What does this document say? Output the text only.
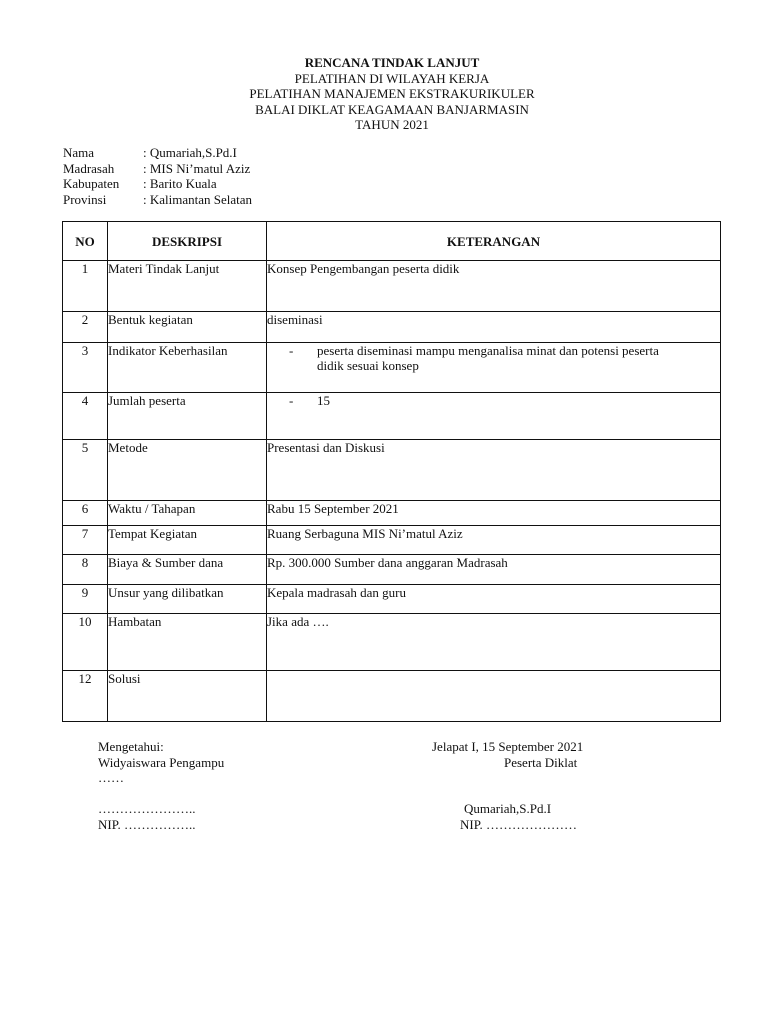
RENCANA TINDAK LANJUT
PELATIHAN DI WILAYAH KERJA
PELATIHAN MANAJEMEN EKSTRAKURIKULER
BALAI DIKLAT KEAGAMAAN BANJARMASIN
TAHUN 2021
Nama	: Qumariah,S.Pd.I
Madrasah	: MIS Ni’matul Aziz
Kabupaten	: Barito Kuala
Provinsi	: Kalimantan Selatan
NO	DESKRIPSI	KETERANGAN
1	Materi Tindak Lanjut	Konsep Pengembangan peserta didik
2	Bentuk kegiatan	diseminasi
3	Indikator Keberhasilan	- peserta diseminasi mampu menganalisa minat dan potensi peserta didik sesuai konsep

4	Jumlah peserta	- 15

5	Metode	Presentasi dan Diskusi
6	Waktu / Tahapan	Rabu 15 September 2021
7	Tempat Kegiatan	Ruang Serbaguna MIS Ni’matul Aziz
8	Biaya & Sumber dana	Rp. 300.000 Sumber dana anggaran Madrasah
9	Unsur yang dilibatkan	Kepala madrasah dan guru
10	Hambatan	Jika ada ….
12	Solusi	
Mengetahui:
Widyaiswara Pengampu
……
…………………..
NIP. ……………..
Jelapat I, 15 September 2021
Peserta Diklat
Qumariah,S.Pd.I
NIP. …………………
